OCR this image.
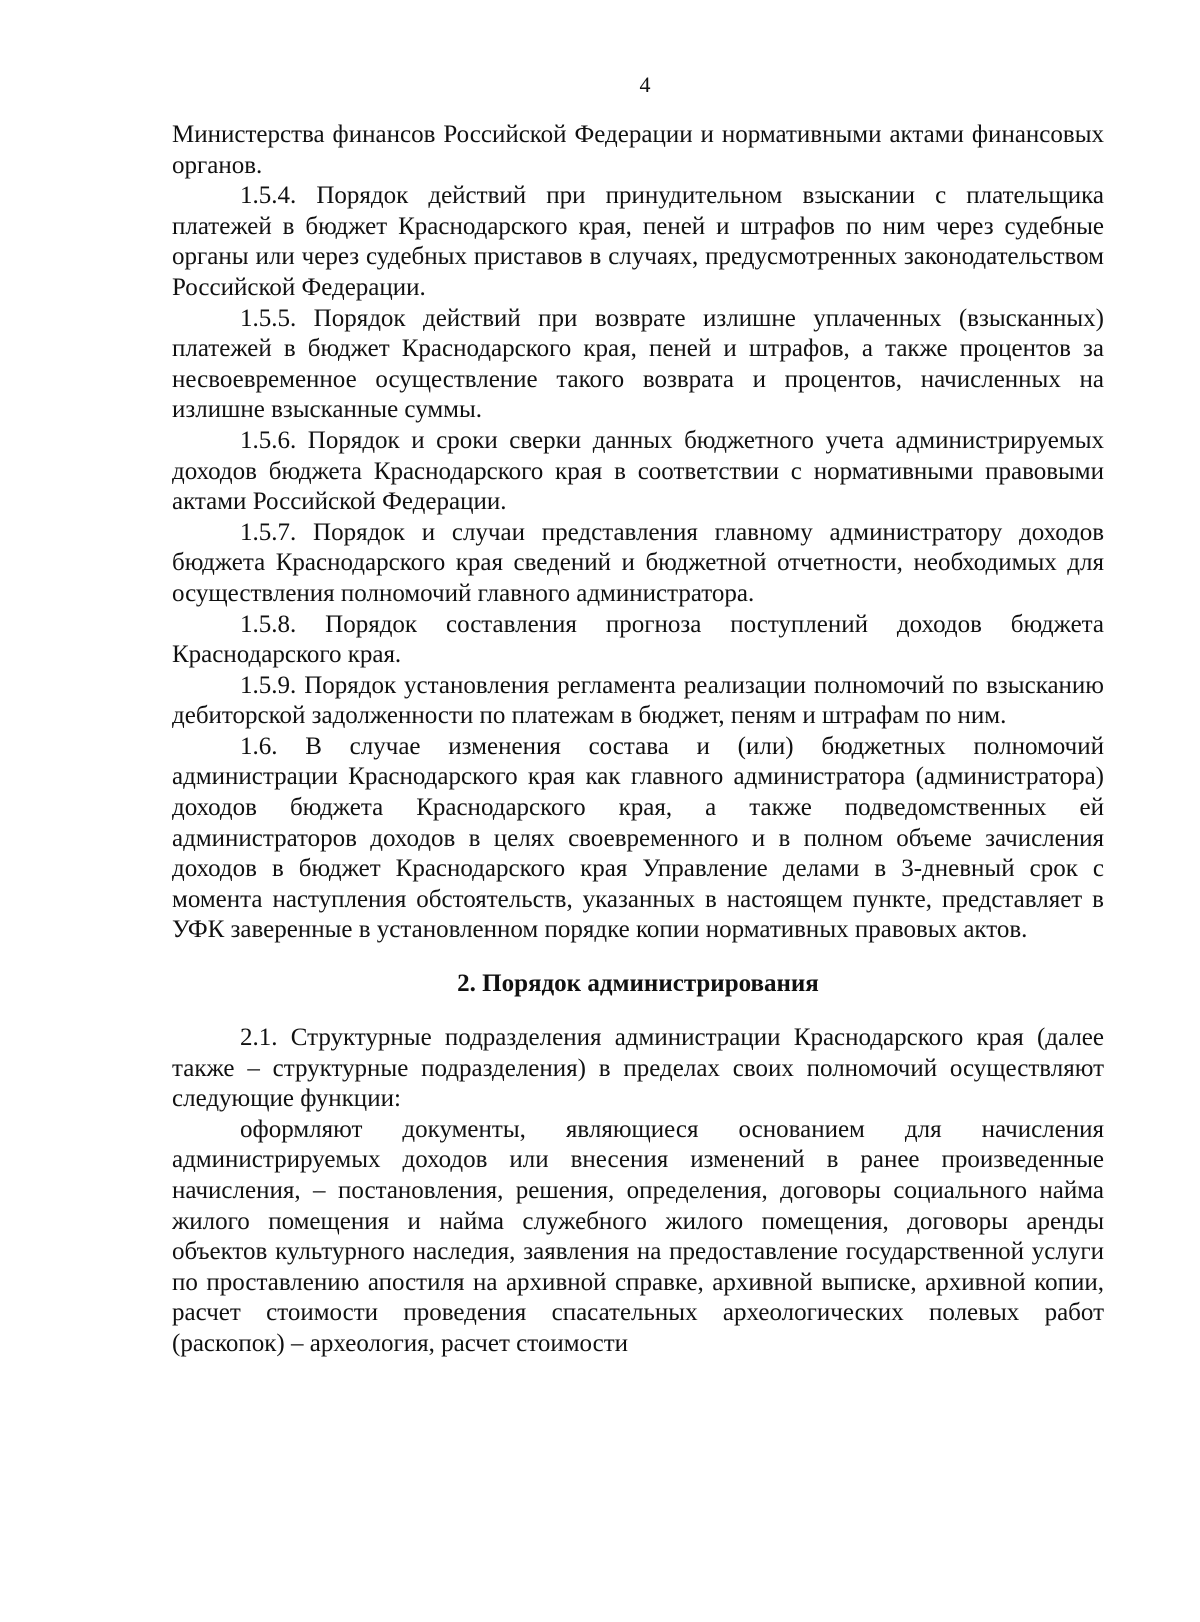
4

Министерства финансов Российской Федерации и нормативными актами финансовых органов.

1.5.4. Порядок действий при принудительном взыскании с плательщика платежей в бюджет Краснодарского края, пеней и штрафов по ним через судебные органы или через судебных приставов в случаях, предусмотренных законодательством Российской Федерации.

1.5.5. Порядок действий при возврате излишне уплаченных (взысканных) платежей в бюджет Краснодарского края, пеней и штрафов, а также процентов за несвоевременное осуществление такого возврата и процентов, начисленных на излишне взысканные суммы.

1.5.6. Порядок и сроки сверки данных бюджетного учета администрируемых доходов бюджета Краснодарского края в соответствии с нормативными правовыми актами Российской Федерации.

1.5.7. Порядок и случаи представления главному администратору доходов бюджета Краснодарского края сведений и бюджетной отчетности, необходимых для осуществления полномочий главного администратора.

1.5.8. Порядок составления прогноза поступлений доходов бюджета Краснодарского края.

1.5.9. Порядок установления регламента реализации полномочий по взысканию дебиторской задолженности по платежам в бюджет, пеням и штрафам по ним.

1.6. В случае изменения состава и (или) бюджетных полномочий администрации Краснодарского края как главного администратора (администратора) доходов бюджета Краснодарского края, а также подведомственных ей администраторов доходов в целях своевременного и в полном объеме зачисления доходов в бюджет Краснодарского края Управление делами в 3-дневный срок с момента наступления обстоятельств, указанных в настоящем пункте, представляет в УФК заверенные в установленном порядке копии нормативных правовых актов.

2. Порядок администрирования

2.1. Структурные подразделения администрации Краснодарского края (далее также – структурные подразделения) в пределах своих полномочий осуществляют следующие функции:

оформляют документы, являющиеся основанием для начисления администрируемых доходов или внесения изменений в ранее произведенные начисления, – постановления, решения, определения, договоры социального найма жилого помещения и найма служебного жилого помещения, договоры аренды объектов культурного наследия, заявления на предоставление государственной услуги по проставлению апостиля на архивной справке, архивной выписке, архивной копии, расчет стоимости проведения спасательных археологических полевых работ (раскопок) – археология, расчет стоимости
